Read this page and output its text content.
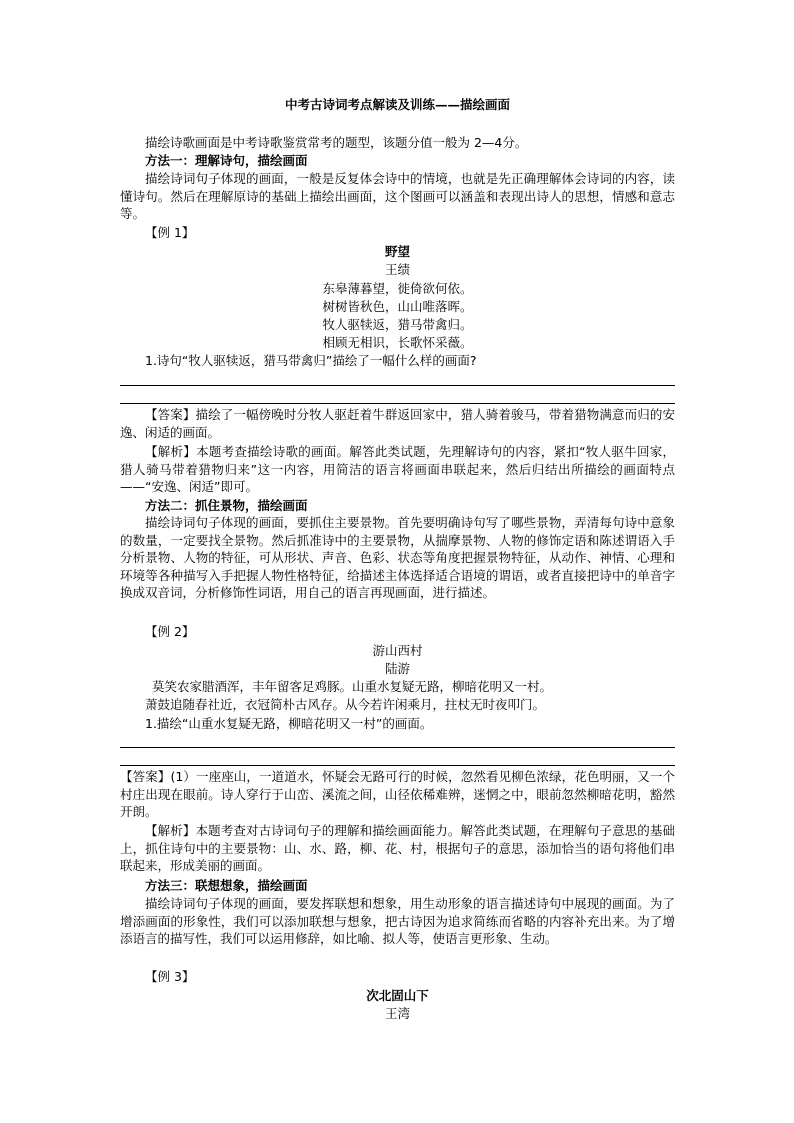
中考古诗词考点解读及训练——描绘画面
描绘诗歌画面是中考诗歌鉴赏常考的题型，该题分值一般为 2—4分。
方法一：理解诗句，描绘画面
描绘诗词句子体现的画面，一般是反复体会诗中的情境，也就是先正确理解体会诗词的内容，读懂诗句。然后在理解原诗的基础上描绘出画面，这个图画可以涵盖和表现出诗人的思想，情感和意志等。
【例 1】
野望
王绩
东皋薄暮望，徙倚欲何依。
树树皆秋色，山山唯落晖。
牧人驱犊返，猎马带禽归。
相顾无相识，长歌怀采薇。
1.诗句“牧人驱犊返，猎马带禽归”描绘了一幅什么样的画面?
【答案】描绘了一幅傍晚时分牧人驱赶着牛群返回家中，猎人骑着骏马，带着猎物满意而归的安逸、闲适的画面。
【解析】本题考查描绘诗歌的画面。解答此类试题，先理解诗句的内容，紧扣“牧人驱牛回家，猎人骑马带着猎物归来”这一内容，用简洁的语言将画面串联起来，然后归结出所描绘的画面特点——“安逸、闲适”即可。
方法二：抓住景物，描绘画面
描绘诗词句子体现的画面，要抓住主要景物。首先要明确诗句写了哪些景物，弄清每句诗中意象的数量，一定要找全景物。然后抓准诗中的主要景物，从揣摩景物、人物的修饰定语和陈述谓语入手分析景物、人物的特征，可从形状、声音、色彩、状态等角度把握景物特征，从动作、神情、心理和环境等各种描写入手把握人物性格特征，给描述主体选择适合语境的谓语，或者直接把诗中的单音字换成双音词，分析修饰性词语，用自己的语言再现画面，进行描述。
【例 2】
游山西村
陆游
莫笑农家腊酒浑，丰年留客足鸡豚。山重水复疑无路，柳暗花明又一村。
萧鼓追随春社近，衣冠简朴古风存。从今若许闲乘月，拄杖无时夜叩门。
1.描绘“山重水复疑无路，柳暗花明又一村”的画面。
【答案】(1）一座座山，一道道水，怀疑会无路可行的时候，忽然看见柳色浓绿，花色明丽，又一个村庄出现在眼前。诗人穿行于山峦、溪流之间，山径依稀难辨，迷惘之中，眼前忽然柳暗花明，豁然开朗。
【解析】本题考查对古诗词句子的理解和描绘画面能力。解答此类试题，在理解句子意思的基础上，抓住诗句中的主要景物：山、水、路，柳、花、村，根据句子的意思，添加恰当的语句将他们串联起来，形成美丽的画面。
方法三：联想想象，描绘画面
描绘诗词句子体现的画面，要发挥联想和想象，用生动形象的语言描述诗句中展现的画面。为了增添画面的形象性，我们可以添加联想与想象，把古诗因为追求简练而省略的内容补充出来。为了增添语言的描写性，我们可以运用修辞，如比喻、拟人等，使语言更形象、生动。
【例 3】
次北固山下
王湾
